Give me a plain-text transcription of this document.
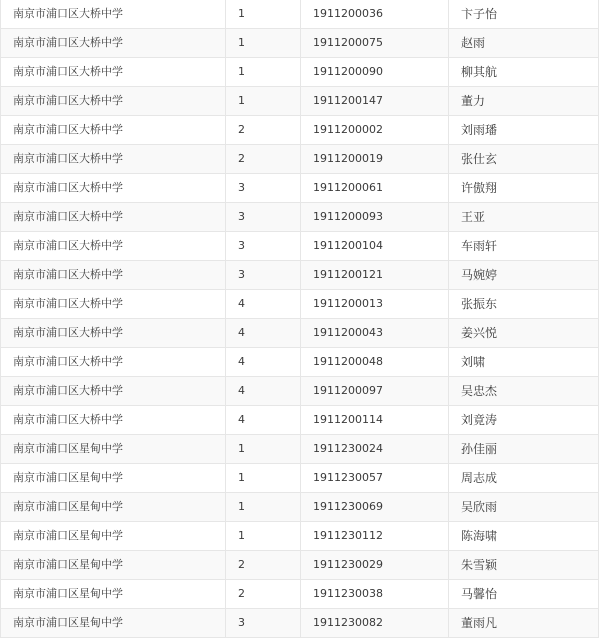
南京市浦口区大桥中学	1	1911200036	卞子怡
南京市浦口区大桥中学	1	1911200075	赵雨
南京市浦口区大桥中学	1	1911200090	柳其航
南京市浦口区大桥中学	1	1911200147	董力
南京市浦口区大桥中学	2	1911200002	刘雨璠
南京市浦口区大桥中学	2	1911200019	张仕玄
南京市浦口区大桥中学	3	1911200061	许傲翔
南京市浦口区大桥中学	3	1911200093	王亚
南京市浦口区大桥中学	3	1911200104	车雨轩
南京市浦口区大桥中学	3	1911200121	马婉婷
南京市浦口区大桥中学	4	1911200013	张振东
南京市浦口区大桥中学	4	1911200043	姜兴悦
南京市浦口区大桥中学	4	1911200048	刘啸
南京市浦口区大桥中学	4	1911200097	吴忠杰
南京市浦口区大桥中学	4	1911200114	刘竟涛
南京市浦口区星甸中学	1	1911230024	孙佳丽
南京市浦口区星甸中学	1	1911230057	周志成
南京市浦口区星甸中学	1	1911230069	吴欣雨
南京市浦口区星甸中学	1	1911230112	陈海啸
南京市浦口区星甸中学	2	1911230029	朱雪颖
南京市浦口区星甸中学	2	1911230038	马馨怡
南京市浦口区星甸中学	3	1911230082	董雨凡
